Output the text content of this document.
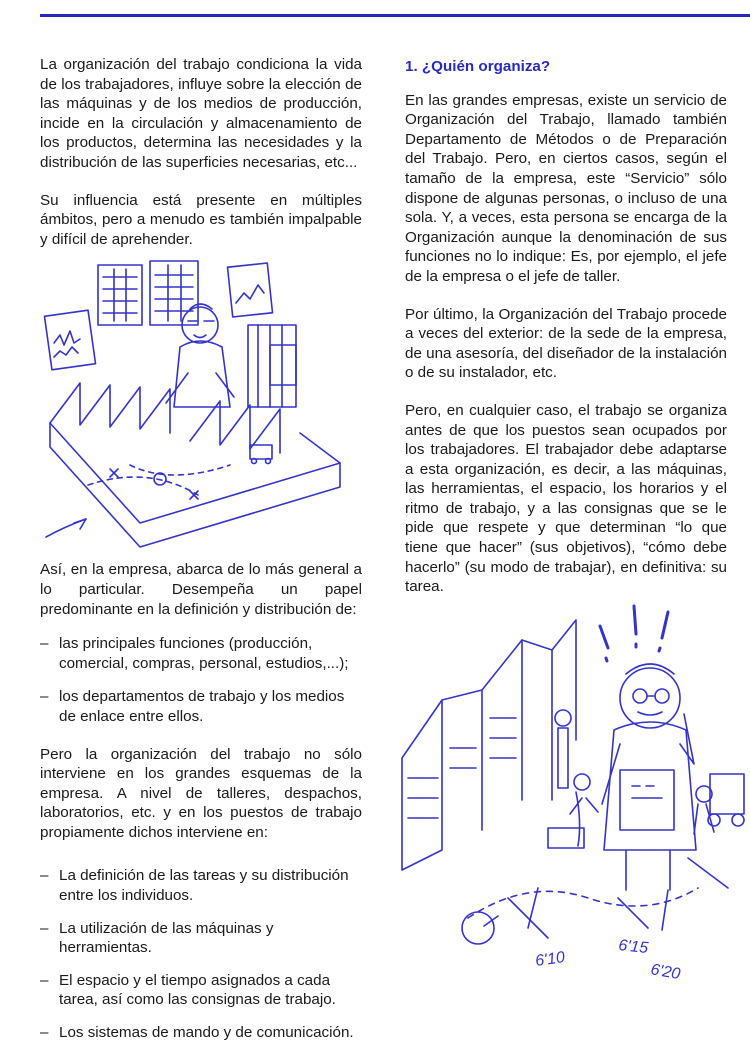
La organización del trabajo condiciona la vida de los trabajadores, influye sobre la elección de las máquinas y de los medios de producción, incide en la circulación y almacenamiento de los productos, determina las necesidades y la distribución de las superficies necesarias, etc...

Su influencia está presente en múltiples ámbitos, pero a menudo es también impalpable y difícil de aprehender.

Así, en la empresa, abarca de lo más general a lo particular. Desempeña un papel predominante en la definición y distribución de:

– las principales funciones (producción, comercial, compras, personal, estudios,...);
– los departamentos de trabajo y los medios de enlace entre ellos.

Pero la organización del trabajo no sólo interviene en los grandes esquemas de la empresa. A nivel de talleres, despachos, laboratorios, etc. y en los puestos de trabajo propiamente dichos interviene en:

– La definición de las tareas y su distribución entre los individuos.
– La utilización de las máquinas y herramientas.
– El espacio y el tiempo asignados a cada tarea, así como las consignas de trabajo.
– Los sistemas de mando y de comunicación.
1. ¿Quién organiza?

En las grandes empresas, existe un servicio de Organización del Trabajo, llamado también Departamento de Métodos o de Preparación del Trabajo. Pero, en ciertos casos, según el tamaño de la empresa, este “Servicio” sólo dispone de algunas personas, o incluso de una sola. Y, a veces, esta persona se encarga de la Organización aunque la denominación de sus funciones no lo indique: Es, por ejemplo, el jefe de la empresa o el jefe de taller.

Por último, la Organización del Trabajo procede a veces del exterior: de la sede de la empresa, de una asesoría, del diseñador de la instalación o de su instalador, etc.

Pero, en cualquier caso, el trabajo se organiza antes de que los puestos sean ocupados por los trabajadores. El trabajador debe adaptarse a esta organización, es decir, a las máquinas, las herramientas, el espacio, los horarios y el ritmo de trabajo, y a las consignas que se le pide que respete y que determinan “lo que tiene que hacer” (sus objetivos), “cómo debe hacerlo” (su modo de trabajar), en definitiva: su tarea.

6'10
6'15
6'20
